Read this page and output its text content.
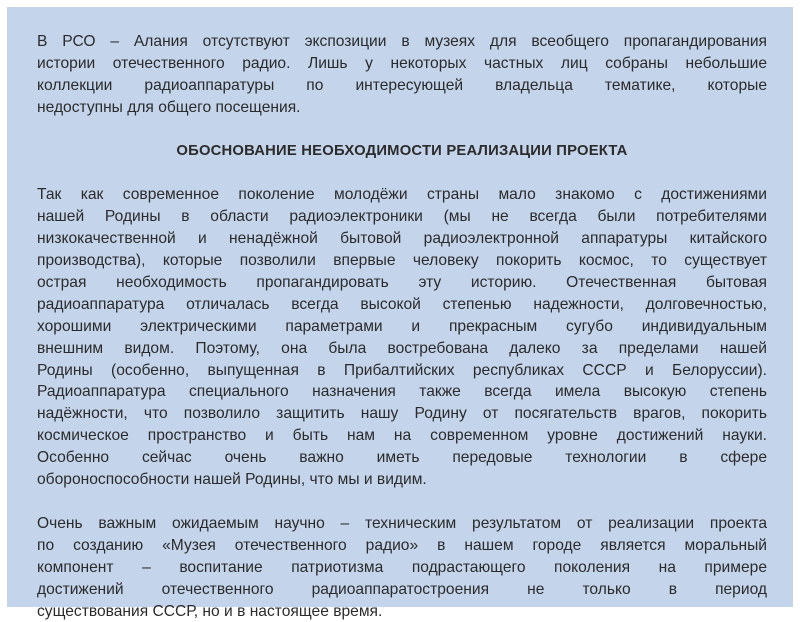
В РСО – Алания отсутствуют экспозиции в музеях для всеобщего пропагандирования
истории отечественного радио. Лишь у некоторых частных лиц собраны небольшие
коллекции радиоаппаратуры по интересующей владельца тематике, которые
недоступны для общего посещения.

ОБОСНОВАНИЕ НЕОБХОДИМОСТИ РЕАЛИЗАЦИИ ПРОЕКТА

Так как современное поколение молодёжи страны мало знакомо с достижениями
нашей Родины в области радиоэлектроники (мы не всегда были потребителями
низкокачественной и ненадёжной бытовой радиоэлектронной аппаратуры китайского
производства), которые позволили впервые человеку покорить космос, то существует
острая необходимость пропагандировать эту историю. Отечественная бытовая
радиоаппаратура отличалась всегда высокой степенью надежности, долговечностью,
хорошими электрическими параметрами и прекрасным сугубо индивидуальным
внешним видом. Поэтому, она была востребована далеко за пределами нашей
Родины (особенно, выпущенная в Прибалтийских республиках СССР и Белоруссии).
Радиоаппаратура специального назначения также всегда имела высокую степень
надёжности, что позволило защитить нашу Родину от посягательств врагов, покорить
космическое пространство и быть нам на современном уровне достижений науки.
Особенно сейчас очень важно иметь передовые технологии в сфере
обороноспособности нашей Родины, что мы и видим.

Очень важным ожидаемым научно – техническим результатом от реализации проекта
по созданию «Музея отечественного радио» в нашем городе является моральный
компонент – воспитание патриотизма подрастающего поколения на примере
достижений отечественного радиоаппаратостроения не только в период
существования СССР, но и в настоящее время.
